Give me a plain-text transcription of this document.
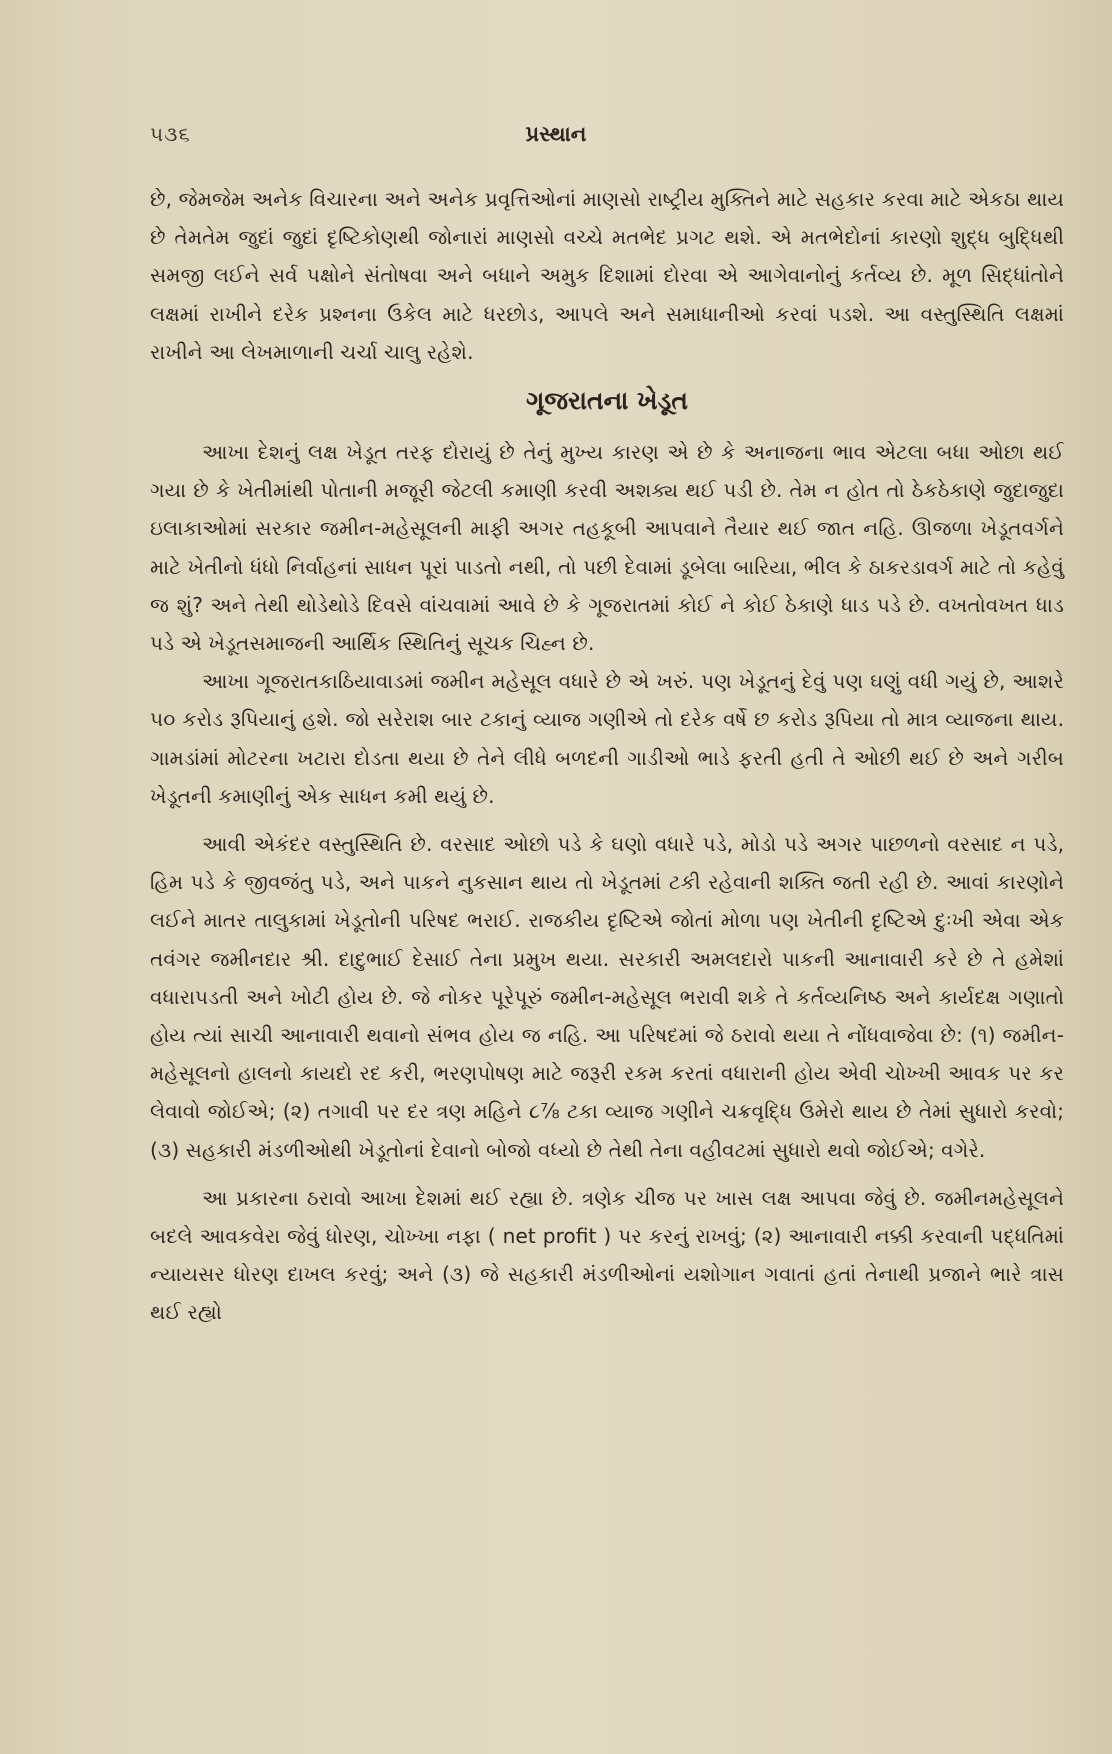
૫૩૬	પ્રસ્થાન

છે, જેમજેમ અનેક વિચારના અને અનેક પ્રવૃત્તિઓનાં માણસો રાષ્ટ્રીય મુક્તિને માટે સહકાર કરવા માટે એકઠા થાય છે તેમતેમ જુદાં જુદાં દૃષ્ટિકોણથી જોનારાં માણસો વચ્ચે મતભેદ પ્રગટ થશે. એ મતભેદોનાં કારણો શુદ્ધ બુદ્ધિથી સમજી લઈને સર્વ પક્ષોને સંતોષવા અને બધાને અમુક દિશામાં દોરવા એ આગેવાનોનું કર્તવ્ય છે. મૂળ સિદ્ધાંતોને લક્ષમાં રાખીને દરેક પ્રશ્નના ઉકેલ માટે ધરછોડ, આપલે અને સમાધાનીઓ કરવાં પડશે. આ વસ્તુસ્થિતિ લક્ષમાં રાખીને આ લેખમાળાની ચર્ચા ચાલુ રહેશે.

ગૂજરાતના ખેડૂત

આખા દેશનું લક્ષ ખેડૂત તરફ દોરાયું છે તેનું મુખ્ય કારણ એ છે કે અનાજના ભાવ એટલા બધા ઓછા થઈ ગયા છે કે ખેતીમાંથી પોતાની મજૂરી જેટલી કમાણી કરવી અશક્ય થઈ પડી છે. તેમ ન હોત તો ઠેકઠેકાણે જુદાજુદા ઇલાકાઓમાં સરકાર જમીન-મહેસૂલની માફી અગર તહકૂબી આપવાને તૈયાર થઈ જાત નહિ. ઊજળા ખેડૂતવર્ગને માટે ખેતીનો ધંધો નિર્વાહનાં સાધન પૂરાં પાડતો નથી, તો પછી દેવામાં ડૂબેલા બારિયા, ભીલ કે ઠાકરડાવર્ગ માટે તો કહેવું જ શું? અને તેથી થોડેથોડે દિવસે વાંચવામાં આવે છે કે ગૂજરાતમાં કોઈ ને કોઈ ઠેકાણે ધાડ પડે છે. વખતોવખત ધાડ પડે એ ખેડૂતસમાજની આર્થિક સ્થિતિનું સૂચક ચિહ્ન છે.

આખા ગૂજરાતકાઠિયાવાડમાં જમીન મહેસૂલ વધારે છે એ ખરું. પણ ખેડૂતનું દેવું પણ ઘણું વધી ગયું છે, આશરે ૫૦ કરોડ રૂપિયાનું હશે. જો સરેરાશ બાર ટકાનું વ્યાજ ગણીએ તો દરેક વર્ષે છ કરોડ રૂપિયા તો માત્ર વ્યાજના થાય. ગામડાંમાં મોટરના ખટારા દોડતા થયા છે તેને લીધે બળદની ગાડીઓ ભાડે ફરતી હતી તે ઓછી થઈ છે અને ગરીબ ખેડૂતની કમાણીનું એક સાધન કમી થયું છે.

આવી એકંદર વસ્તુસ્થિતિ છે. વરસાદ ઓછો પડે કે ઘણો વધારે પડે, મોડો પડે અગર પાછળનો વરસાદ ન પડે, હિમ પડે કે જીવજંતુ પડે, અને પાકને નુકસાન થાય તો ખેડૂતમાં ટકી રહેવાની શક્તિ જતી રહી છે. આવાં કારણોને લઈને માતર તાલુકામાં ખેડૂતોની પરિષદ ભરાઈ. રાજકીય દૃષ્ટિએ જોતાં મોળા પણ ખેતીની દૃષ્ટિએ દુઃખી એવા એક તવંગર જમીનદાર શ્રી. દાદુભાઈ દેસાઈ તેના પ્રમુખ થયા. સરકારી અમલદારો પાકની આનાવારી કરે છે તે હમેશાં વધારાપડતી અને ખોટી હોય છે. જે નોકર પૂરેપૂરું જમીન-મહેસૂલ ભરાવી શકે તે કર્તવ્યનિષ્ઠ અને કાર્યદક્ષ ગણાતો હોય ત્યાં સાચી આનાવારી થવાનો સંભવ હોય જ નહિ. આ પરિષદમાં જે ઠરાવો થયા તે નોંધવાજેવા છે: (૧) જમીન-મહેસૂલનો હાલનો કાયદો રદ કરી, ભરણપોષણ માટે જરૂરી રકમ કરતાં વધારાની હોય એવી ચોખ્ખી આવક પર કર લેવાવો જોઈએ; (૨) તગાવી પર દર ત્રણ મહિને ૮⅞ ટકા વ્યાજ ગણીને ચક્રવૃદ્ધિ ઉમેરો થાય છે તેમાં સુધારો કરવો; (૩) સહકારી મંડળીઓથી ખેડૂતોનાં દેવાનો બોજો વધ્યો છે તેથી તેના વહીવટમાં સુધારો થવો જોઈએ; વગેરે.

આ પ્રકારના ઠરાવો આખા દેશમાં થઈ રહ્યા છે. ત્રણેક ચીજ પર ખાસ લક્ષ આપવા જેવું છે. જમીનમહેસૂલને બદલે આવકવેરા જેવું ધોરણ, ચોખ્ખા નફા ( net profit ) પર કરનું રાખવું; (૨) આનાવારી નક્કી કરવાની પદ્ધતિમાં ન્યાયસર ધોરણ દાખલ કરવું; અને (૩) જે સહકારી મંડળીઓનાં યશોગાન ગવાતાં હતાં તેનાથી પ્રજાને ભારે ત્રાસ થઈ રહ્યો
